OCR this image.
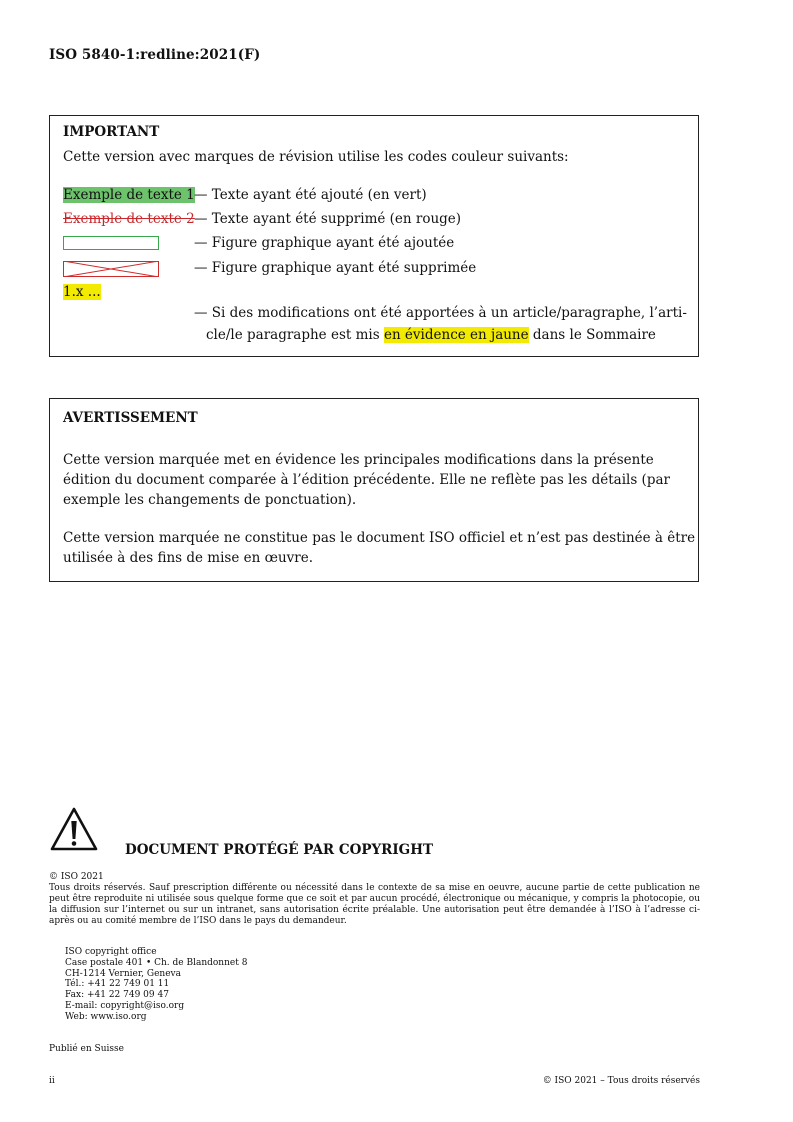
ISO 5840-1:redline:2021(F)
IMPORTANT
Cette version avec marques de révision utilise les codes couleur suivants:
Exemple de texte 1 — Texte ayant été ajouté (en vert)
Exemple de texte 2 — Texte ayant été supprimé (en rouge)
— Figure graphique ayant été ajoutée
— Figure graphique ayant été supprimée
1.x ...
— Si des modifications ont été apportées à un article/paragraphe, l’arti-
cle/le paragraphe est mis en évidence en jaune dans le Sommaire
AVERTISSEMENT
Cette version marquée met en évidence les principales modifications dans la présente
édition du document comparée à l’édition précédente. Elle ne reflète pas les détails (par
exemple les changements de ponctuation).
Cette version marquée ne constitue pas le document ISO officiel et n’est pas destinée à être
utilisée à des fins de mise en œuvre.
DOCUMENT PROTÉGÉ PAR COPYRIGHT
© ISO 2021
Tous droits réservés. Sauf prescription différente ou nécessité dans le contexte de sa mise en oeuvre, aucune partie de cette publication ne peut être reproduite ni utilisée sous quelque forme que ce soit et par aucun procédé, électronique ou mécanique, y compris la photocopie, ou la diffusion sur l’internet ou sur un intranet, sans autorisation écrite préalable. Une autorisation peut être demandée à l’ISO à l’adresse ci-après ou au comité membre de l’ISO dans le pays du demandeur.
ISO copyright office
Case postale 401 • Ch. de Blandonnet 8
CH-1214 Vernier, Geneva
Tél.: +41 22 749 01 11
Fax: +41 22 749 09 47
E-mail: copyright@iso.org
Web: www.iso.org
Publié en Suisse
ii	© ISO 2021 – Tous droits réservés
